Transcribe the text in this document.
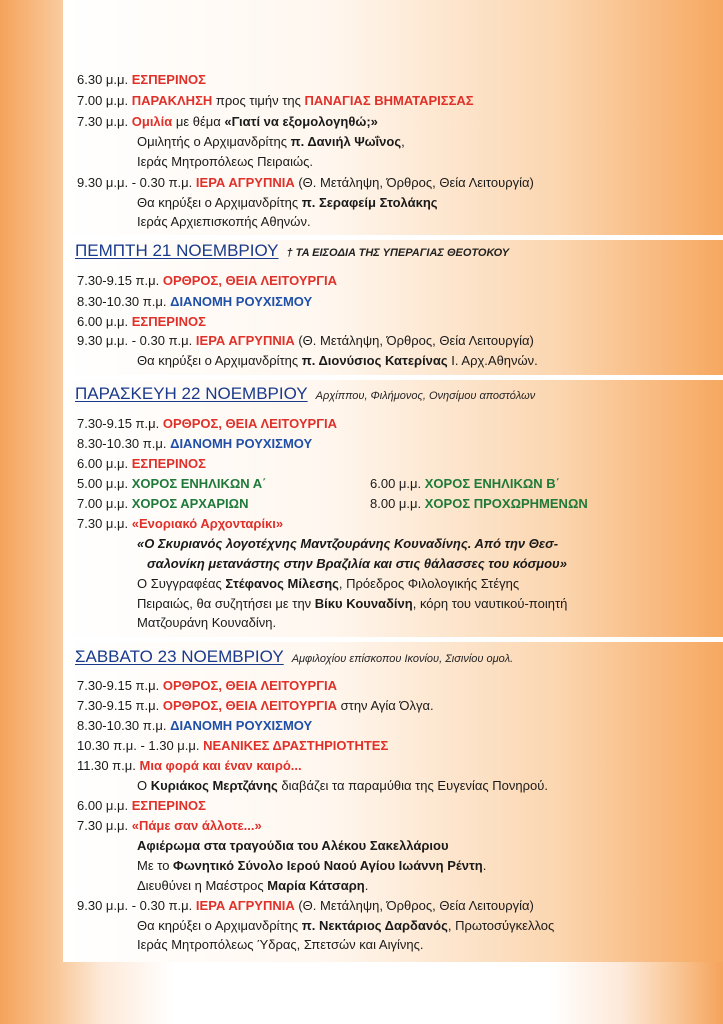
6.30 μ.μ. ΕΣΠΕΡΙΝΟΣ
7.00 μ.μ. ΠΑΡΑΚΛΗΣΗ προς τιμήν της ΠΑΝΑΓΙΑΣ ΒΗΜΑΤΑΡΙΣΣΑΣ
7.30 μ.μ. Ομιλία με θέμα «Γιατί να εξομολογηθώ;»
Ομιλητής ο Αρχιμανδρίτης π. Δανιήλ Ψωΐνος,
Ιεράς Μητροπόλεως Πειραιώς.
9.30 μ.μ. - 0.30 π.μ. ΙΕΡΑ ΑΓΡΥΠΝΙΑ (Θ. Μετάληψη, Όρθρος, Θεία Λειτουργία)
Θα κηρύξει ο Αρχιμανδρίτης π. Σεραφείμ Στολάκης
Ιεράς Αρχιεπισκοπής Αθηνών.
ΠΕΜΠΤΗ 21 ΝΟΕΜΒΡΙΟΥ † ΤΑ ΕΙΣΟΔΙΑ ΤΗΣ ΥΠΕΡΑΓΙΑΣ ΘΕΟΤΟΚΟΥ
7.30-9.15 π.μ. ΟΡΘΡΟΣ, ΘΕΙΑ ΛΕΙΤΟΥΡΓΙΑ
8.30-10.30 π.μ. ΔΙΑΝΟΜΗ ΡΟΥΧΙΣΜΟΥ
6.00 μ.μ. ΕΣΠΕΡΙΝΟΣ
9.30 μ.μ. - 0.30 π.μ. ΙΕΡΑ ΑΓΡΥΠΝΙΑ (Θ. Μετάληψη, Όρθρος, Θεία Λειτουργία)
Θα κηρύξει ο Αρχιμανδρίτης π. Διονύσιος Κατερίνας Ι. Αρχ.Αθηνών.
ΠΑΡΑΣΚΕΥΗ 22 ΝΟΕΜΒΡΙΟΥ Αρχίππου, Φιλήμονος, Ονησίμου αποστόλων
7.30-9.15 π.μ. ΟΡΘΡΟΣ, ΘΕΙΑ ΛΕΙΤΟΥΡΓΙΑ
8.30-10.30 π.μ. ΔΙΑΝΟΜΗ ΡΟΥΧΙΣΜΟΥ
6.00 μ.μ. ΕΣΠΕΡΙΝΟΣ
5.00 μ.μ. ΧΟΡΟΣ ΕΝΗΛΙΚΩΝ Α΄	6.00 μ.μ. ΧΟΡΟΣ ΕΝΗΛΙΚΩΝ Β΄
7.00 μ.μ. ΧΟΡΟΣ ΑΡΧΑΡΙΩΝ	8.00 μ.μ. ΧΟΡΟΣ ΠΡΟΧΩΡΗΜΕΝΩΝ
7.30 μ.μ. «Ενοριακό Αρχονταρίκι»
«Ο Σκυριανός λογοτέχνης Μαντζουράνης Κουναδίνης. Από την Θεσ-
σαλονίκη μετανάστης στην Βραζιλία και στις θάλασσες του κόσμου»
Ο Συγγραφέας Στέφανος Μίλεσης, Πρόεδρος Φιλολογικής Στέγης
Πειραιώς, θα συζητήσει με την Βίκυ Κουναδίνη, κόρη του ναυτικού-ποιητή
Ματζουράνη Κουναδίνη.
ΣΑΒΒΑΤΟ 23 ΝΟΕΜΒΡΙΟΥ Αμφιλοχίου επίσκοπου Ικονίου, Σισινίου ομολ.
7.30-9.15 π.μ. ΟΡΘΡΟΣ, ΘΕΙΑ ΛΕΙΤΟΥΡΓΙΑ
7.30-9.15 π.μ. ΟΡΘΡΟΣ, ΘΕΙΑ ΛΕΙΤΟΥΡΓΙΑ στην Αγία Όλγα.
8.30-10.30 π.μ. ΔΙΑΝΟΜΗ ΡΟΥΧΙΣΜΟΥ
10.30 π.μ. - 1.30 μ.μ. ΝΕΑΝΙΚΕΣ ΔΡΑΣΤΗΡΙΟΤΗΤΕΣ
11.30 π.μ. Μια φορά και έναν καιρό...
Ο Κυριάκος Μερτζάνης διαβάζει τα παραμύθια της Ευγενίας Πονηρού.
6.00 μ.μ. ΕΣΠΕΡΙΝΟΣ
7.30 μ.μ. «Πάμε σαν άλλοτε...»
Αφιέρωμα στα τραγούδια του Αλέκου Σακελλάριου
Με το Φωνητικό Σύνολο Ιερού Ναού Αγίου Ιωάννη Ρέντη.
Διευθύνει η Μαέστρος Μαρία Κάτσαρη.
9.30 μ.μ. - 0.30 π.μ. ΙΕΡΑ ΑΓΡΥΠΝΙΑ (Θ. Μετάληψη, Όρθρος, Θεία Λειτουργία)
Θα κηρύξει ο Αρχιμανδρίτης π. Νεκτάριος Δαρδανός, Πρωτοσύγκελλος
Ιεράς Μητροπόλεως Ύδρας, Σπετσών και Αιγίνης.
